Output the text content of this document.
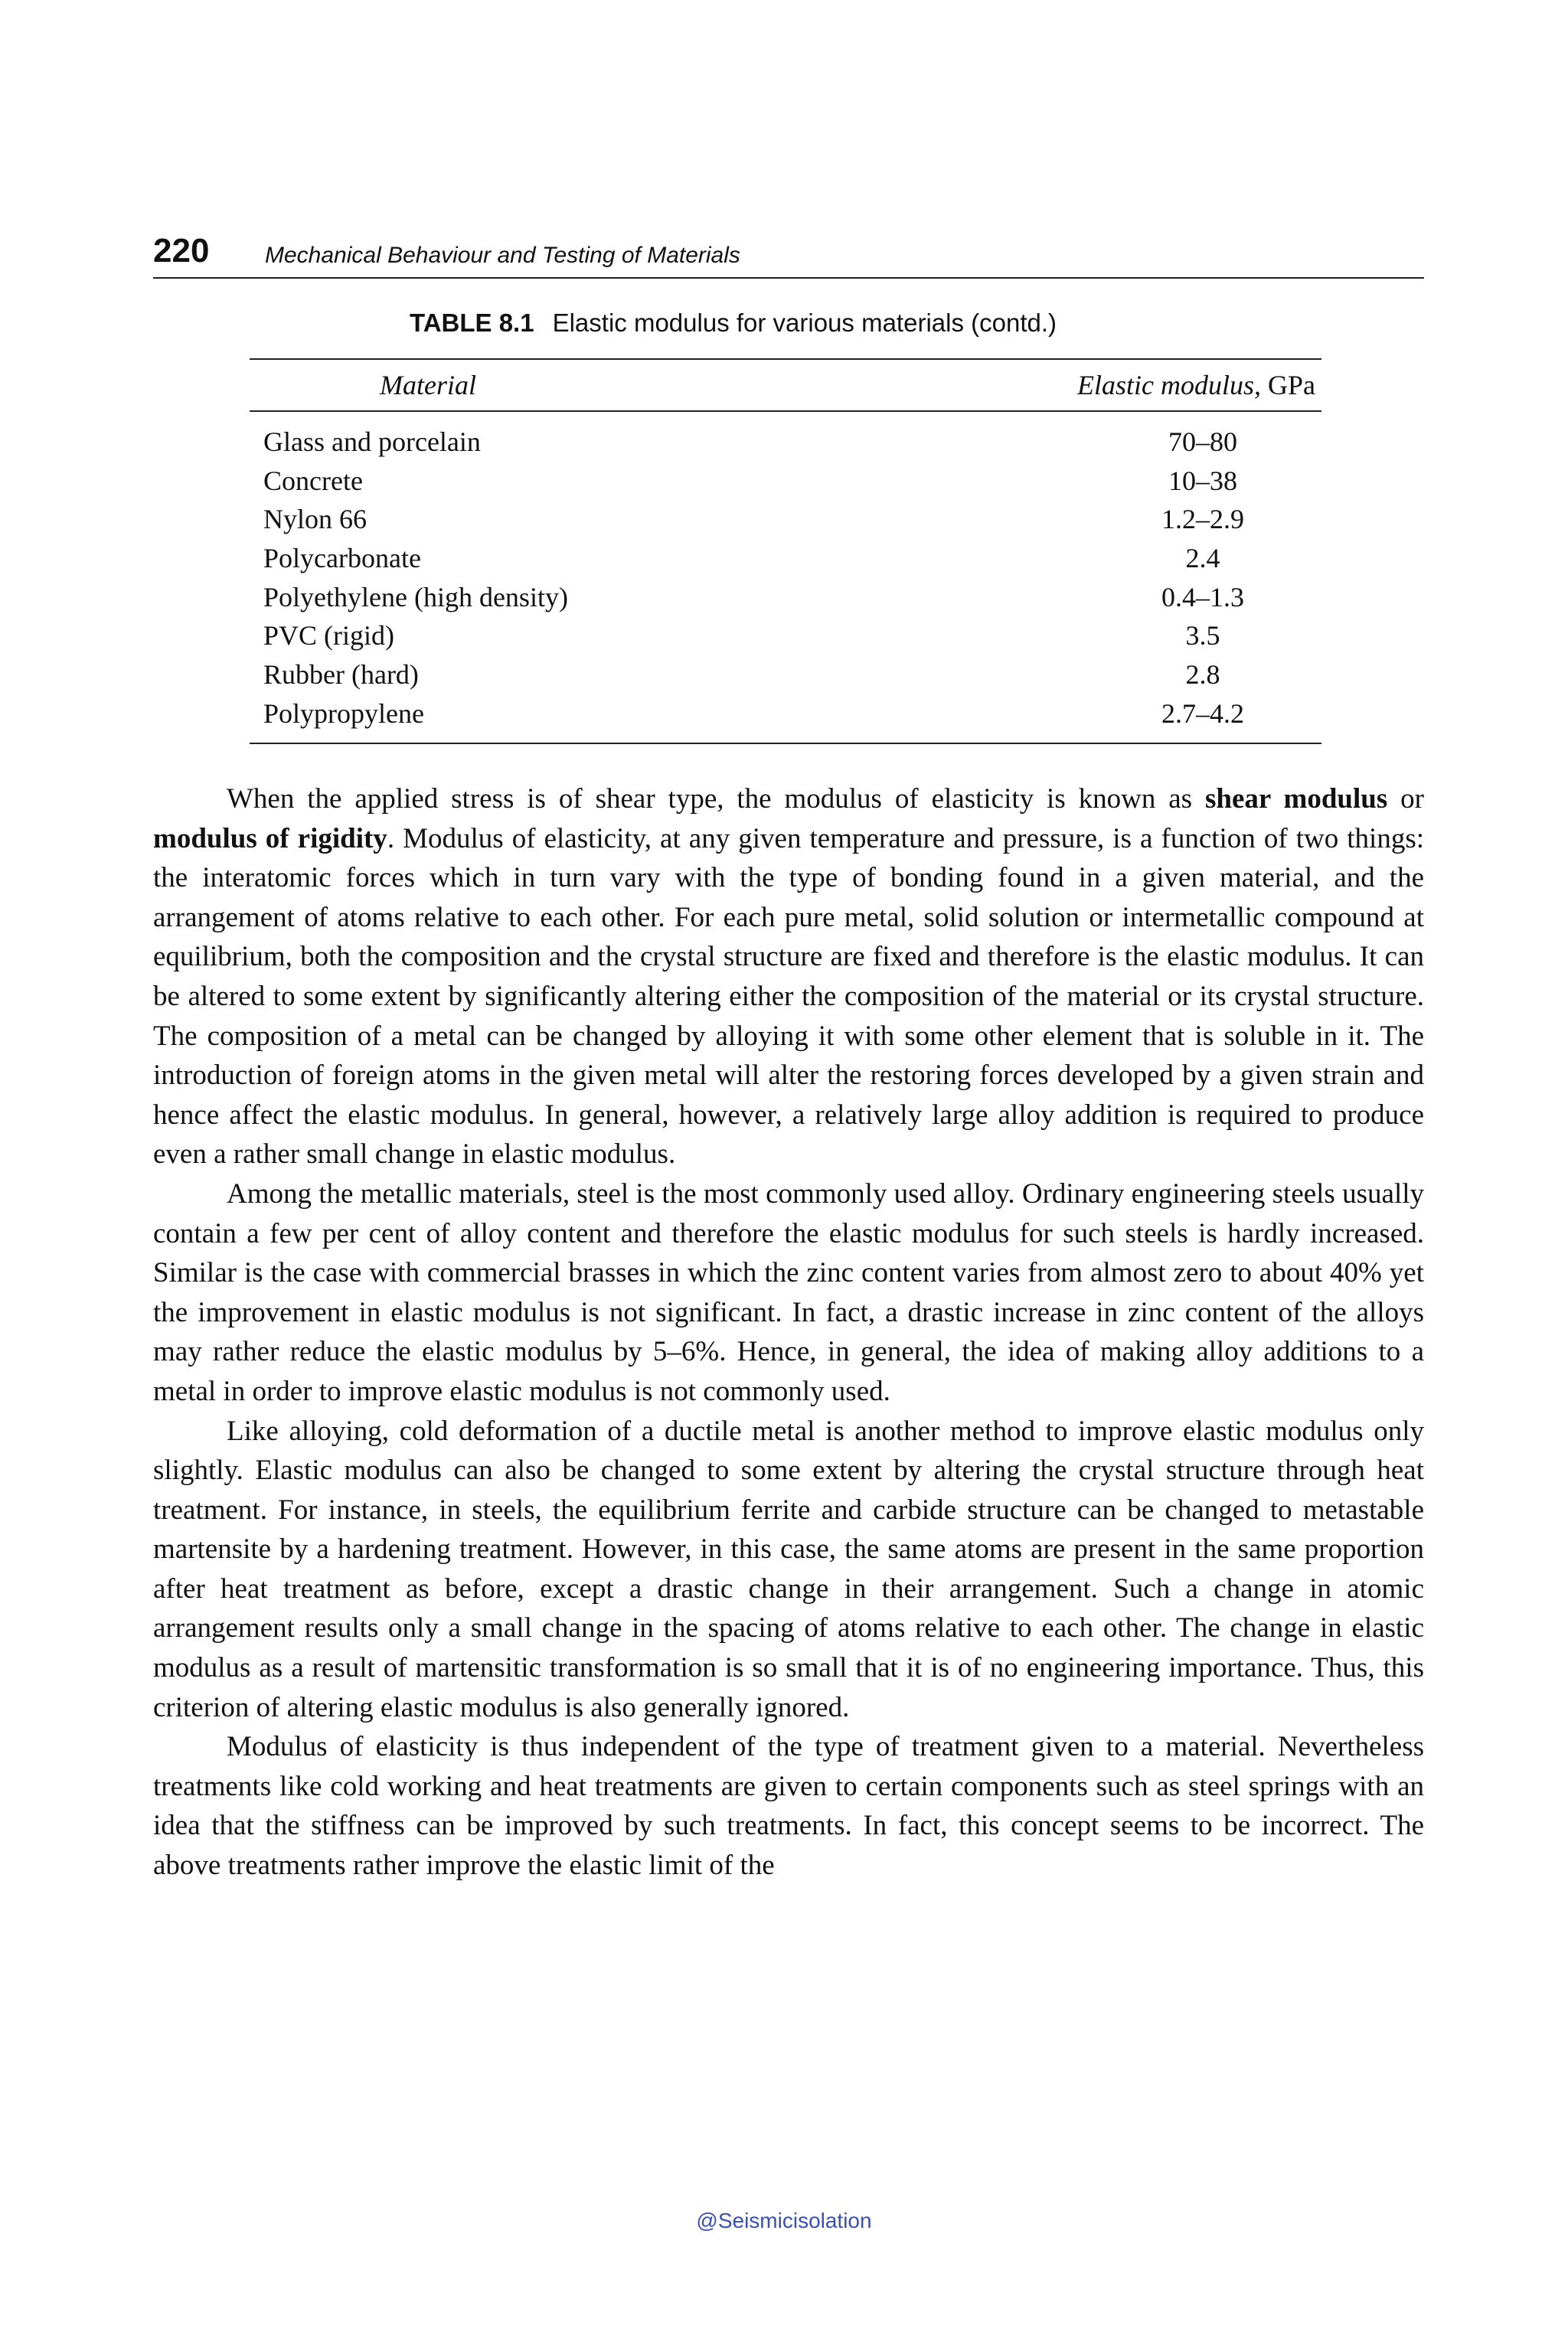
220 Mechanical Behaviour and Testing of Materials
TABLE 8.1 Elastic modulus for various materials (contd.)
Material	Elastic modulus, GPa
Glass and porcelain	70–80
Concrete	10–38
Nylon 66	1.2–2.9
Polycarbonate	2.4
Polyethylene (high density)	0.4–1.3
PVC (rigid)	3.5
Rubber (hard)	2.8
Polypropylene	2.7–4.2

When the applied stress is of shear type, the modulus of elasticity is known as shear modulus or modulus of rigidity. Modulus of elasticity, at any given temperature and pressure, is a function of two things: the interatomic forces which in turn vary with the type of bonding found in a given material, and the arrangement of atoms relative to each other. For each pure metal, solid solution or intermetallic compound at equilibrium, both the composition and the crystal structure are fixed and therefore is the elastic modulus. It can be altered to some extent by significantly altering either the composition of the material or its crystal structure. The composition of a metal can be changed by alloying it with some other element that is soluble in it. The introduction of foreign atoms in the given metal will alter the restoring forces developed by a given strain and hence affect the elastic modulus. In general, however, a relatively large alloy addition is required to produce even a rather small change in elastic modulus.

Among the metallic materials, steel is the most commonly used alloy. Ordinary engineering steels usually contain a few per cent of alloy content and therefore the elastic modulus for such steels is hardly increased. Similar is the case with commercial brasses in which the zinc content varies from almost zero to about 40% yet the improvement in elastic modulus is not significant. In fact, a drastic increase in zinc content of the alloys may rather reduce the elastic modulus by 5–6%. Hence, in general, the idea of making alloy additions to a metal in order to improve elastic modulus is not commonly used.

Like alloying, cold deformation of a ductile metal is another method to improve elastic modulus only slightly. Elastic modulus can also be changed to some extent by altering the crystal structure through heat treatment. For instance, in steels, the equilibrium ferrite and carbide structure can be changed to metastable martensite by a hardening treatment. However, in this case, the same atoms are present in the same proportion after heat treatment as before, except a drastic change in their arrangement. Such a change in atomic arrangement results only a small change in the spacing of atoms relative to each other. The change in elastic modulus as a result of martensitic transformation is so small that it is of no engineering importance. Thus, this criterion of altering elastic modulus is also generally ignored.

Modulus of elasticity is thus independent of the type of treatment given to a material. Nevertheless treatments like cold working and heat treatments are given to certain components such as steel springs with an idea that the stiffness can be improved by such treatments. In fact, this concept seems to be incorrect. The above treatments rather improve the elastic limit of the

@Seismicisolation
